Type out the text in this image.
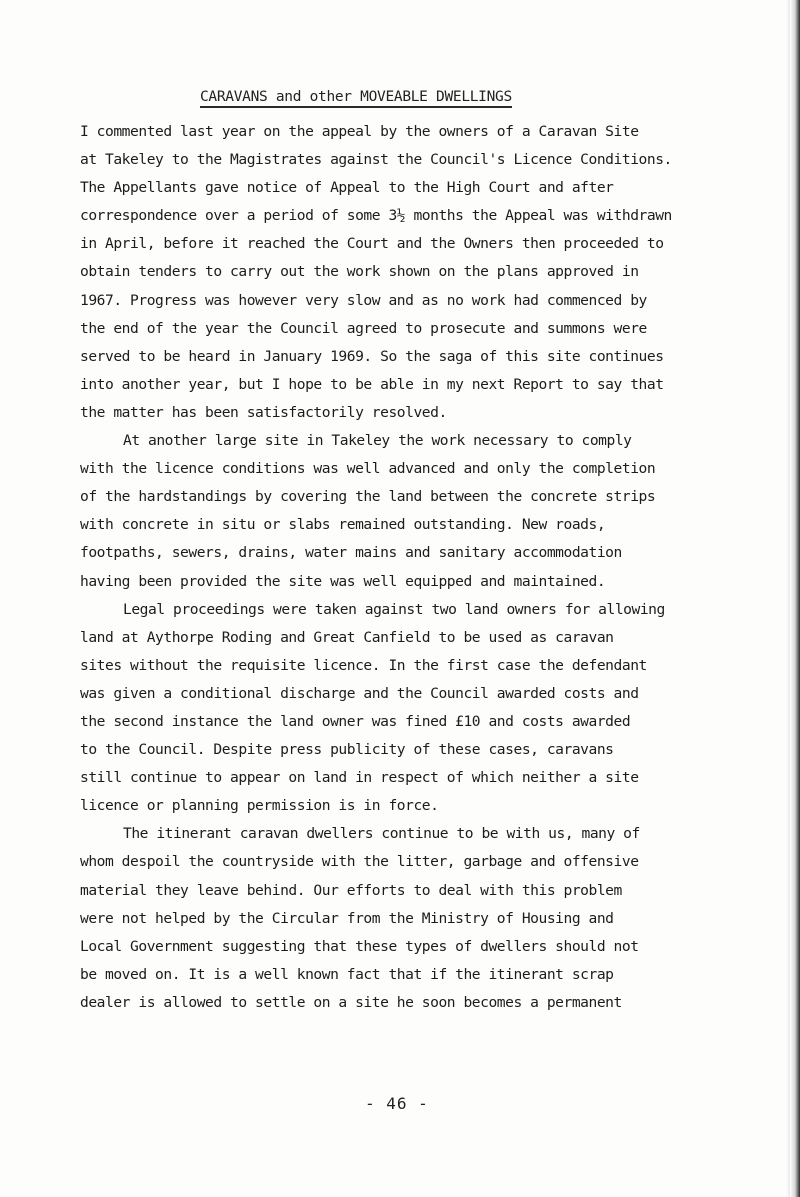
CARAVANS and other MOVEABLE DWELLINGS
I commented last year on the appeal by the owners of a Caravan Site
at Takeley to the Magistrates against the Council's Licence Conditions.
The Appellants gave notice of Appeal to the High Court and after
correspondence over a period of some 3½ months the Appeal was withdrawn
in April, before it reached the Court and the Owners then proceeded to
obtain tenders to carry out the work shown on the plans approved in
1967. Progress was however very slow and as no work had commenced by
the end of the year the Council agreed to prosecute and summons were
served to be heard in January 1969. So the saga of this site continues
into another year, but I hope to be able in my next Report to say that
the matter has been satisfactorily resolved.
At another large site in Takeley the work necessary to comply
with the licence conditions was well advanced and only the completion
of the hardstandings by covering the land between the concrete strips
with concrete in situ or slabs remained outstanding. New roads,
footpaths, sewers, drains, water mains and sanitary accommodation
having been provided the site was well equipped and maintained.
Legal proceedings were taken against two land owners for allowing
land at Aythorpe Roding and Great Canfield to be used as caravan
sites without the requisite licence. In the first case the defendant
was given a conditional discharge and the Council awarded costs and
the second instance the land owner was fined £10 and costs awarded
to the Council. Despite press publicity of these cases, caravans
still continue to appear on land in respect of which neither a site
licence or planning permission is in force.
The itinerant caravan dwellers continue to be with us, many of
whom despoil the countryside with the litter, garbage and offensive
material they leave behind. Our efforts to deal with this problem
were not helped by the Circular from the Ministry of Housing and
Local Government suggesting that these types of dwellers should not
be moved on. It is a well known fact that if the itinerant scrap
dealer is allowed to settle on a site he soon becomes a permanent
- 46 -
